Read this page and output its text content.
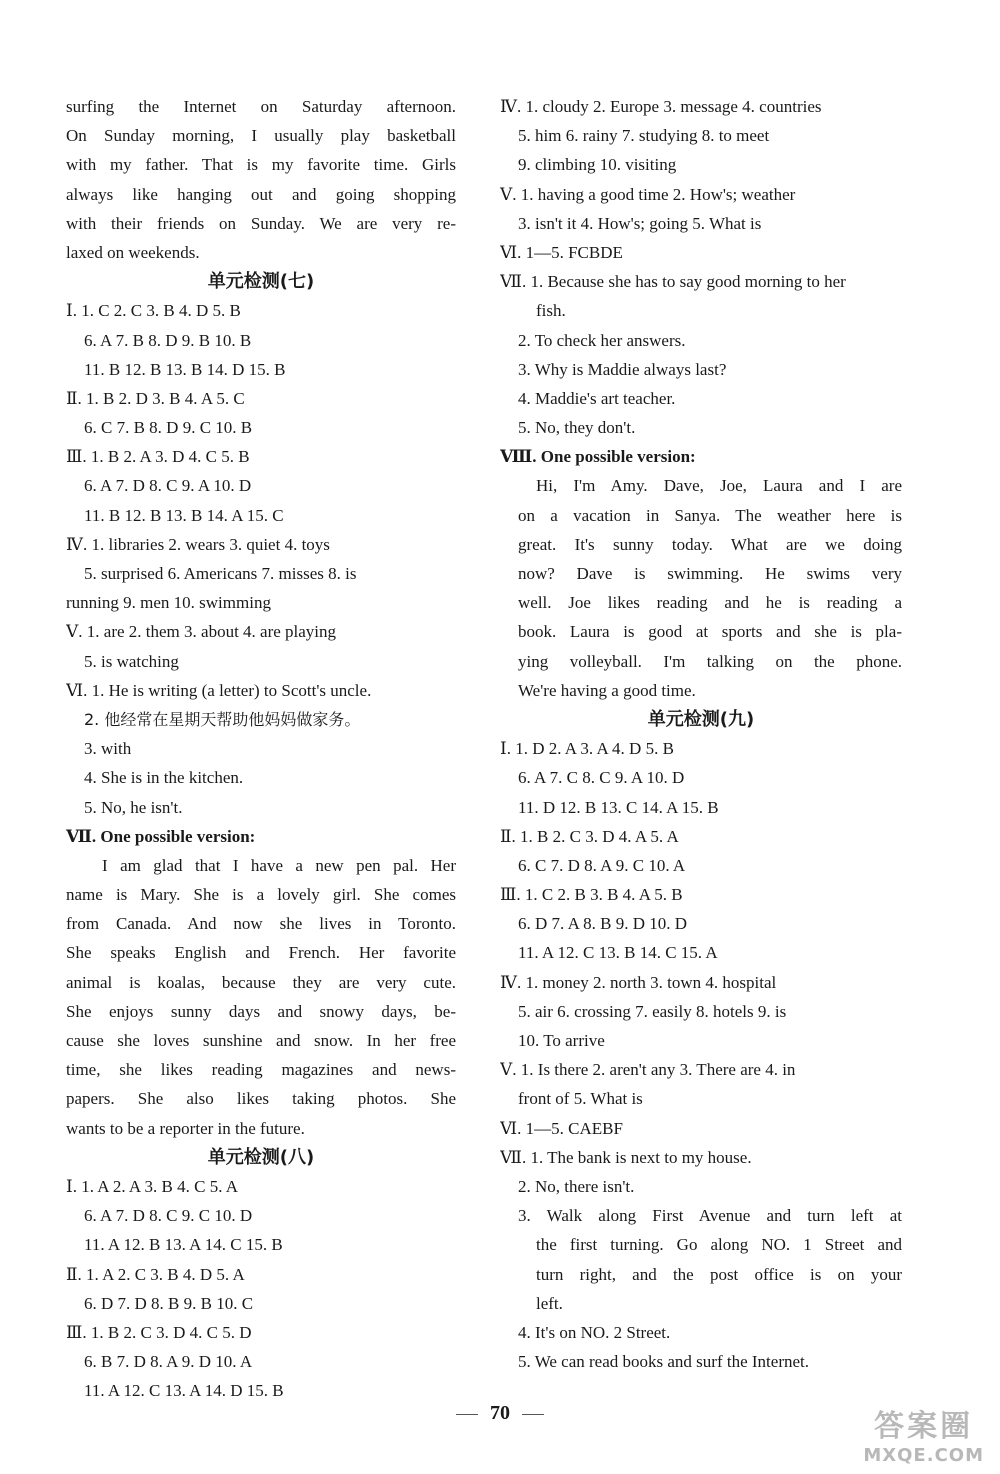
surfing the Internet on Saturday afternoon.
On Sunday morning, I usually play basketball
with my father. That is my favorite time. Girls
always like hanging out and going shopping
with their friends on Sunday. We are very re-
laxed on weekends.
单元检测(七)
Ⅰ. 1. C 2. C 3. B 4. D 5. B
6. A 7. B 8. D 9. B 10. B
11. B 12. B 13. B 14. D 15. B
Ⅱ. 1. B 2. D 3. B 4. A 5. C
6. C 7. B 8. D 9. C 10. B
Ⅲ. 1. B 2. A 3. D 4. C 5. B
6. A 7. D 8. C 9. A 10. D
11. B 12. B 13. B 14. A 15. C
Ⅳ. 1. libraries 2. wears 3. quiet 4. toys
5. surprised 6. Americans 7. misses 8. is
running 9. men 10. swimming
Ⅴ. 1. are 2. them 3. about 4. are playing
5. is watching
Ⅵ. 1. He is writing (a letter) to Scott's uncle.
2. 他经常在星期天帮助他妈妈做家务。
3. with
4. She is in the kitchen.
5. No, he isn't.
Ⅶ. One possible version:
I am glad that I have a new pen pal. Her
name is Mary. She is a lovely girl. She comes
from Canada. And now she lives in Toronto.
She speaks English and French. Her favorite
animal is koalas, because they are very cute.
She enjoys sunny days and snowy days, be-
cause she loves sunshine and snow. In her free
time, she likes reading magazines and news-
papers. She also likes taking photos. She
wants to be a reporter in the future.
单元检测(八)
Ⅰ. 1. A 2. A 3. B 4. C 5. A
6. A 7. D 8. C 9. C 10. D
11. A 12. B 13. A 14. C 15. B
Ⅱ. 1. A 2. C 3. B 4. D 5. A
6. D 7. D 8. B 9. B 10. C
Ⅲ. 1. B 2. C 3. D 4. C 5. D
6. B 7. D 8. A 9. D 10. A
11. A 12. C 13. A 14. D 15. B
Ⅳ. 1. cloudy 2. Europe 3. message 4. countries
5. him 6. rainy 7. studying 8. to meet
9. climbing 10. visiting
Ⅴ. 1. having a good time 2. How's; weather
3. isn't it 4. How's; going 5. What is
Ⅵ. 1—5. FCBDE
Ⅶ. 1. Because she has to say good morning to her
fish.
2. To check her answers.
3. Why is Maddie always last?
4. Maddie's art teacher.
5. No, they don't.
Ⅷ. One possible version:
Hi, I'm Amy. Dave, Joe, Laura and I are
on a vacation in Sanya. The weather here is
great. It's sunny today. What are we doing
now? Dave is swimming. He swims very
well. Joe likes reading and he is reading a
book. Laura is good at sports and she is pla-
ying volleyball. I'm talking on the phone.
We're having a good time.
单元检测(九)
Ⅰ. 1. D 2. A 3. A 4. D 5. B
6. A 7. C 8. C 9. A 10. D
11. D 12. B 13. C 14. A 15. B
Ⅱ. 1. B 2. C 3. D 4. A 5. A
6. C 7. D 8. A 9. C 10. A
Ⅲ. 1. C 2. B 3. B 4. A 5. B
6. D 7. A 8. B 9. D 10. D
11. A 12. C 13. B 14. C 15. A
Ⅳ. 1. money 2. north 3. town 4. hospital
5. air 6. crossing 7. easily 8. hotels 9. is
10. To arrive
Ⅴ. 1. Is there 2. aren't any 3. There are 4. in
front of 5. What is
Ⅵ. 1—5. CAEBF
Ⅶ. 1. The bank is next to my house.
2. No, there isn't.
3. Walk along First Avenue and turn left at
the first turning. Go along NO. 1 Street and
turn right, and the post office is on your
left.
4. It's on NO. 2 Street.
5. We can read books and surf the Internet.
70	答案圈
MXQE.COM
